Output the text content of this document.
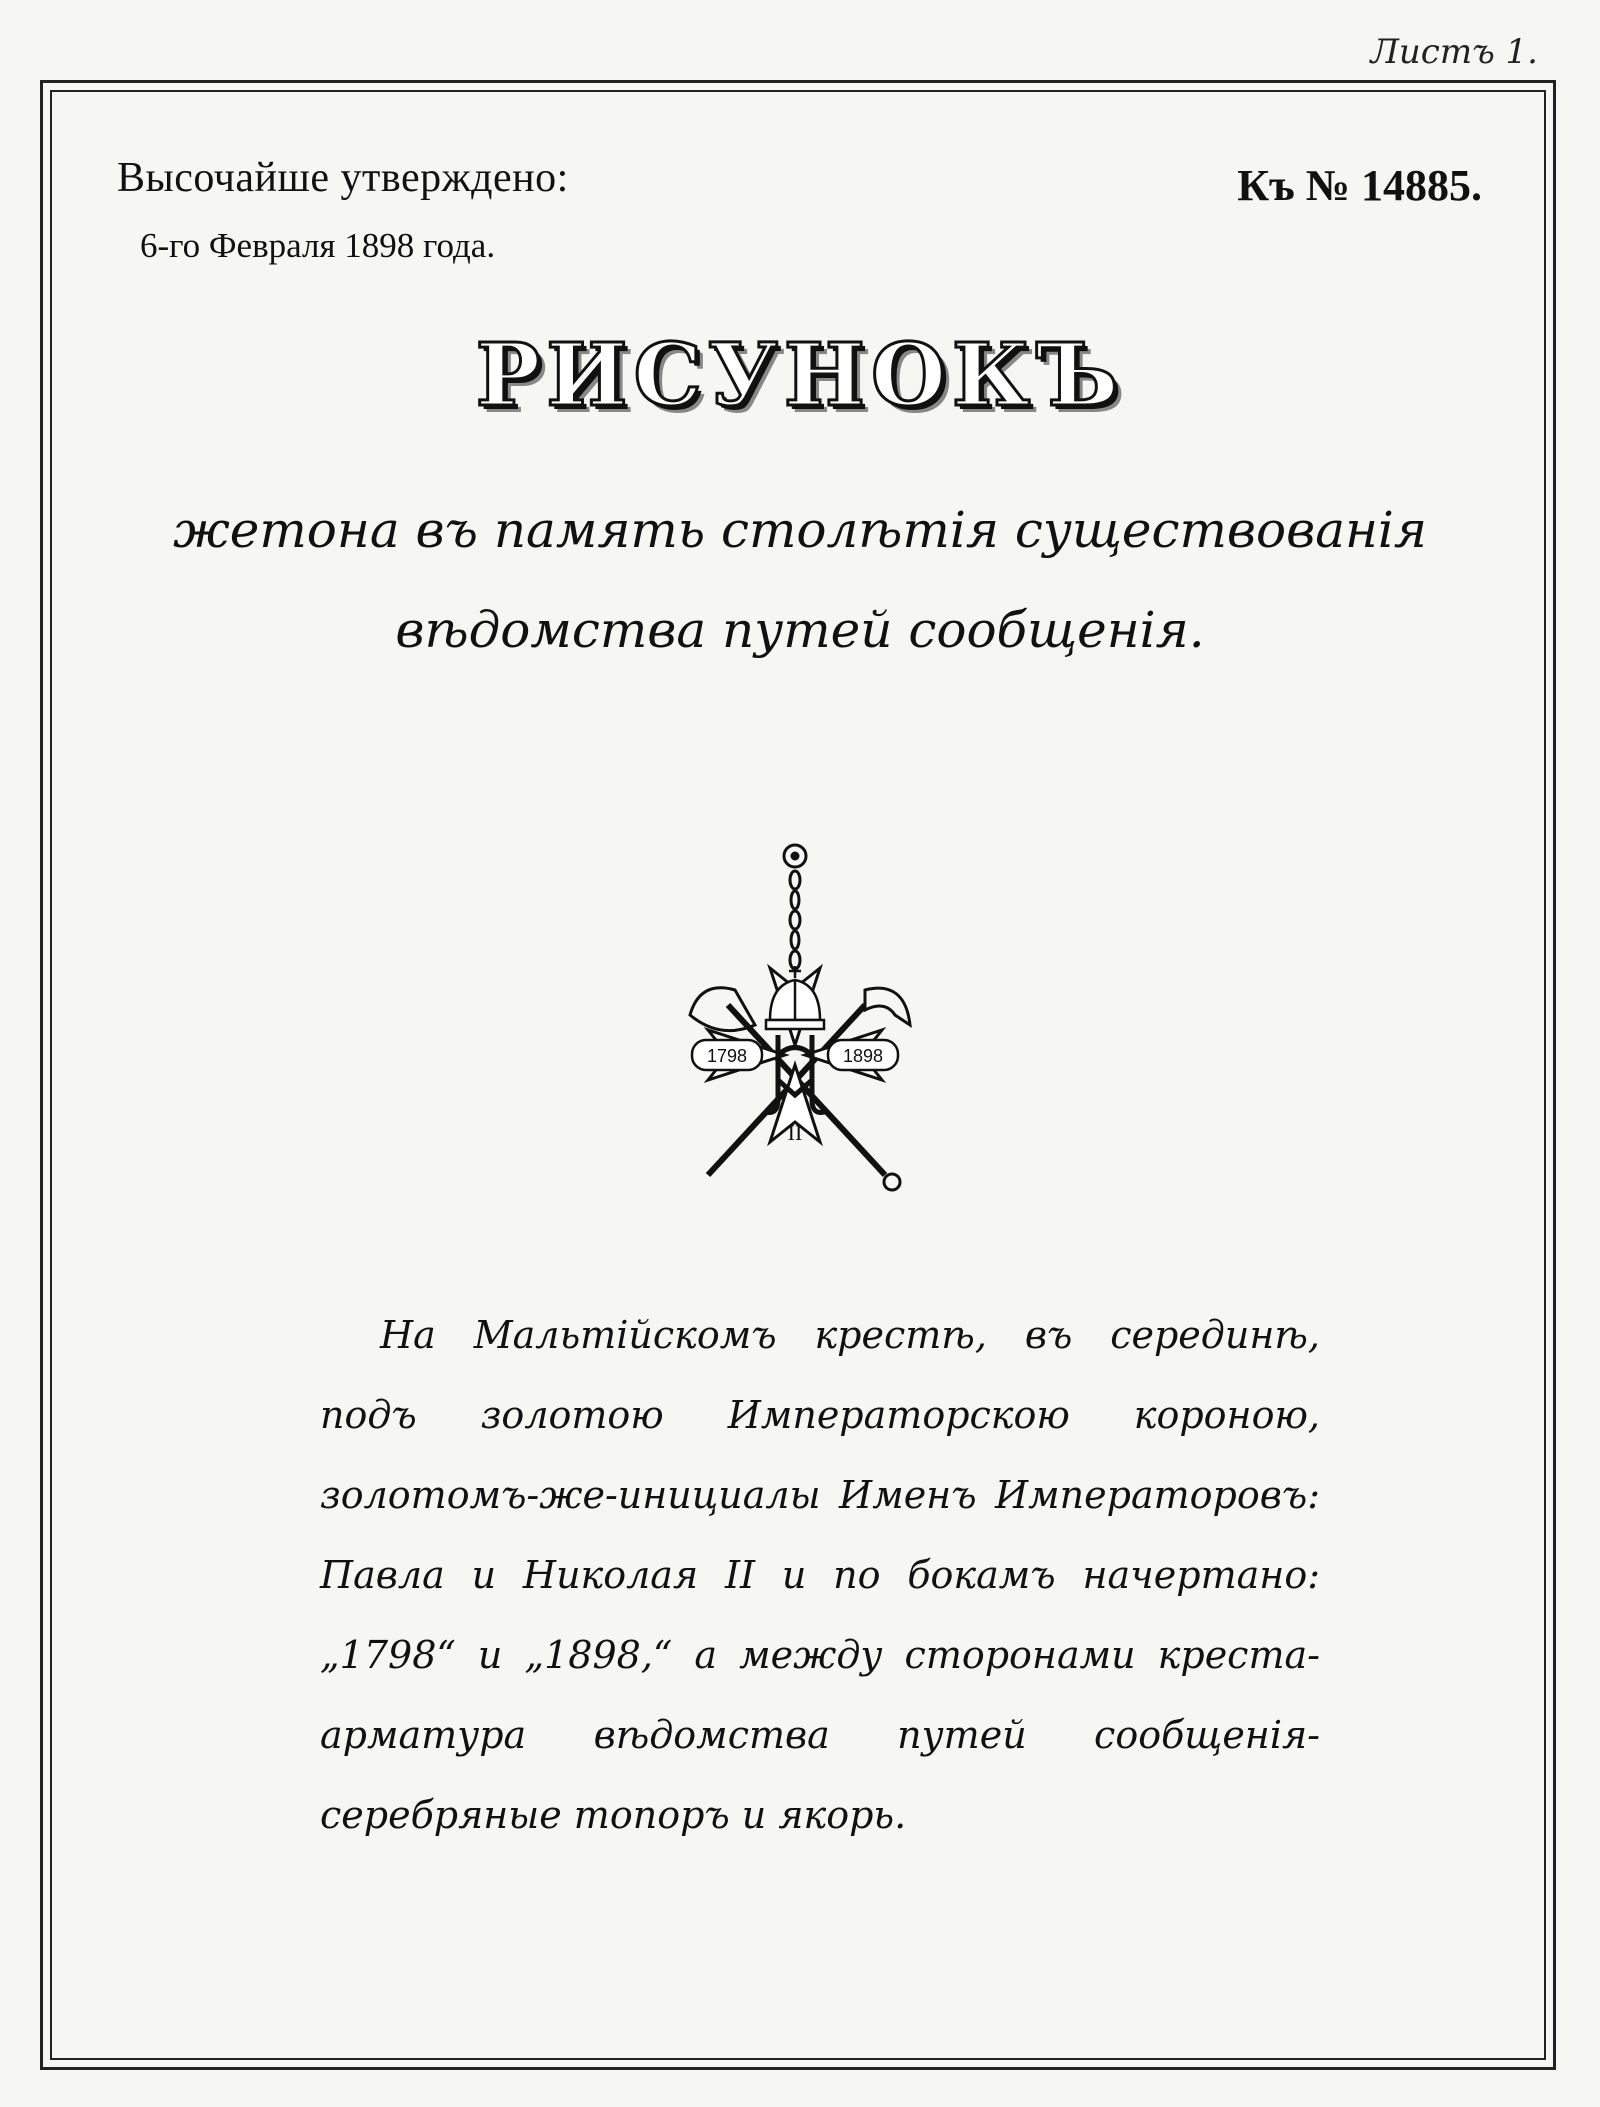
Листъ 1.
Высочайше утверждено:
6-го Февраля 1898 года.
Къ № 14885.
РИСУНОКЪ
жетона въ память столѣтія существованія вѣдомства путей сообщенія.
1798	1898
II
На Мальтійскомъ крестѣ, въ серединѣ, подъ золотою Императорскою короною, золотомъ-же-инициалы Именъ Императоровъ: Павла и Николая II и по бокамъ начертано: „1798“ и „1898,“ а между сторонами креста-арматура вѣдомства путей сообщенія-серебряные топоръ и якорь.
